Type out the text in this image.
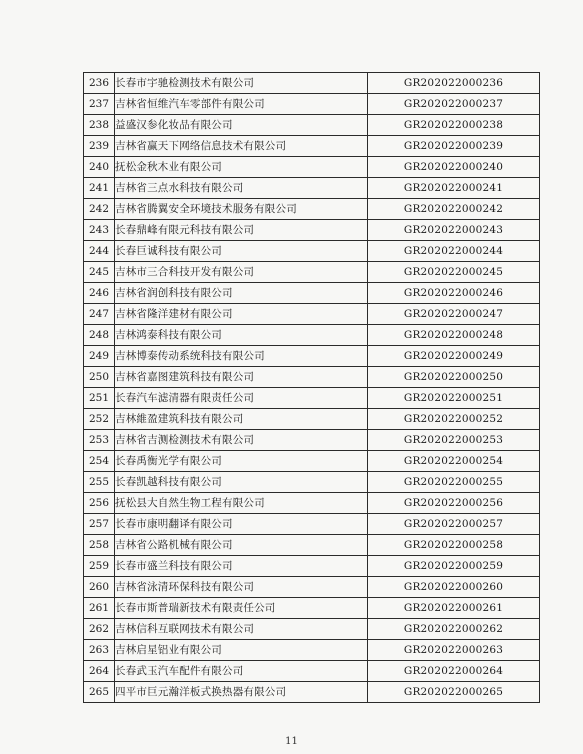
236	长春市宇驰检测技术有限公司	GR202022000236
237	吉林省恒维汽车零部件有限公司	GR202022000237
238	益盛汉参化妆品有限公司	GR202022000238
239	吉林省赢天下网络信息技术有限公司	GR202022000239
240	抚松金秋木业有限公司	GR202022000240
241	吉林省三点水科技有限公司	GR202022000241
242	吉林省腾翼安全环境技术服务有限公司	GR202022000242
243	长春鼎峰有限元科技有限公司	GR202022000243
244	长春巨诚科技有限公司	GR202022000244
245	吉林市三合科技开发有限公司	GR202022000245
246	吉林省润创科技有限公司	GR202022000246
247	吉林省隆洋建材有限公司	GR202022000247
248	吉林鸿泰科技有限公司	GR202022000248
249	吉林博泰传动系统科技有限公司	GR202022000249
250	吉林省嘉图建筑科技有限公司	GR202022000250
251	长春汽车滤清器有限责任公司	GR202022000251
252	吉林維盈建筑科技有限公司	GR202022000252
253	吉林省吉测检测技术有限公司	GR202022000253
254	长春禹衡光学有限公司	GR202022000254
255	长春凯越科技有限公司	GR202022000255
256	抚松县大自然生物工程有限公司	GR202022000256
257	长春市康明翻译有限公司	GR202022000257
258	吉林省公路机械有限公司	GR202022000258
259	长春市盛兰科技有限公司	GR202022000259
260	吉林省泳清环保科技有限公司	GR202022000260
261	长春市斯普瑞新技术有限责任公司	GR202022000261
262	吉林信科互联网技术有限公司	GR202022000262
263	吉林启星铝业有限公司	GR202022000263
264	长春武玉汽车配件有限公司	GR202022000264
265	四平市巨元瀚洋板式换热器有限公司	GR202022000265
11
